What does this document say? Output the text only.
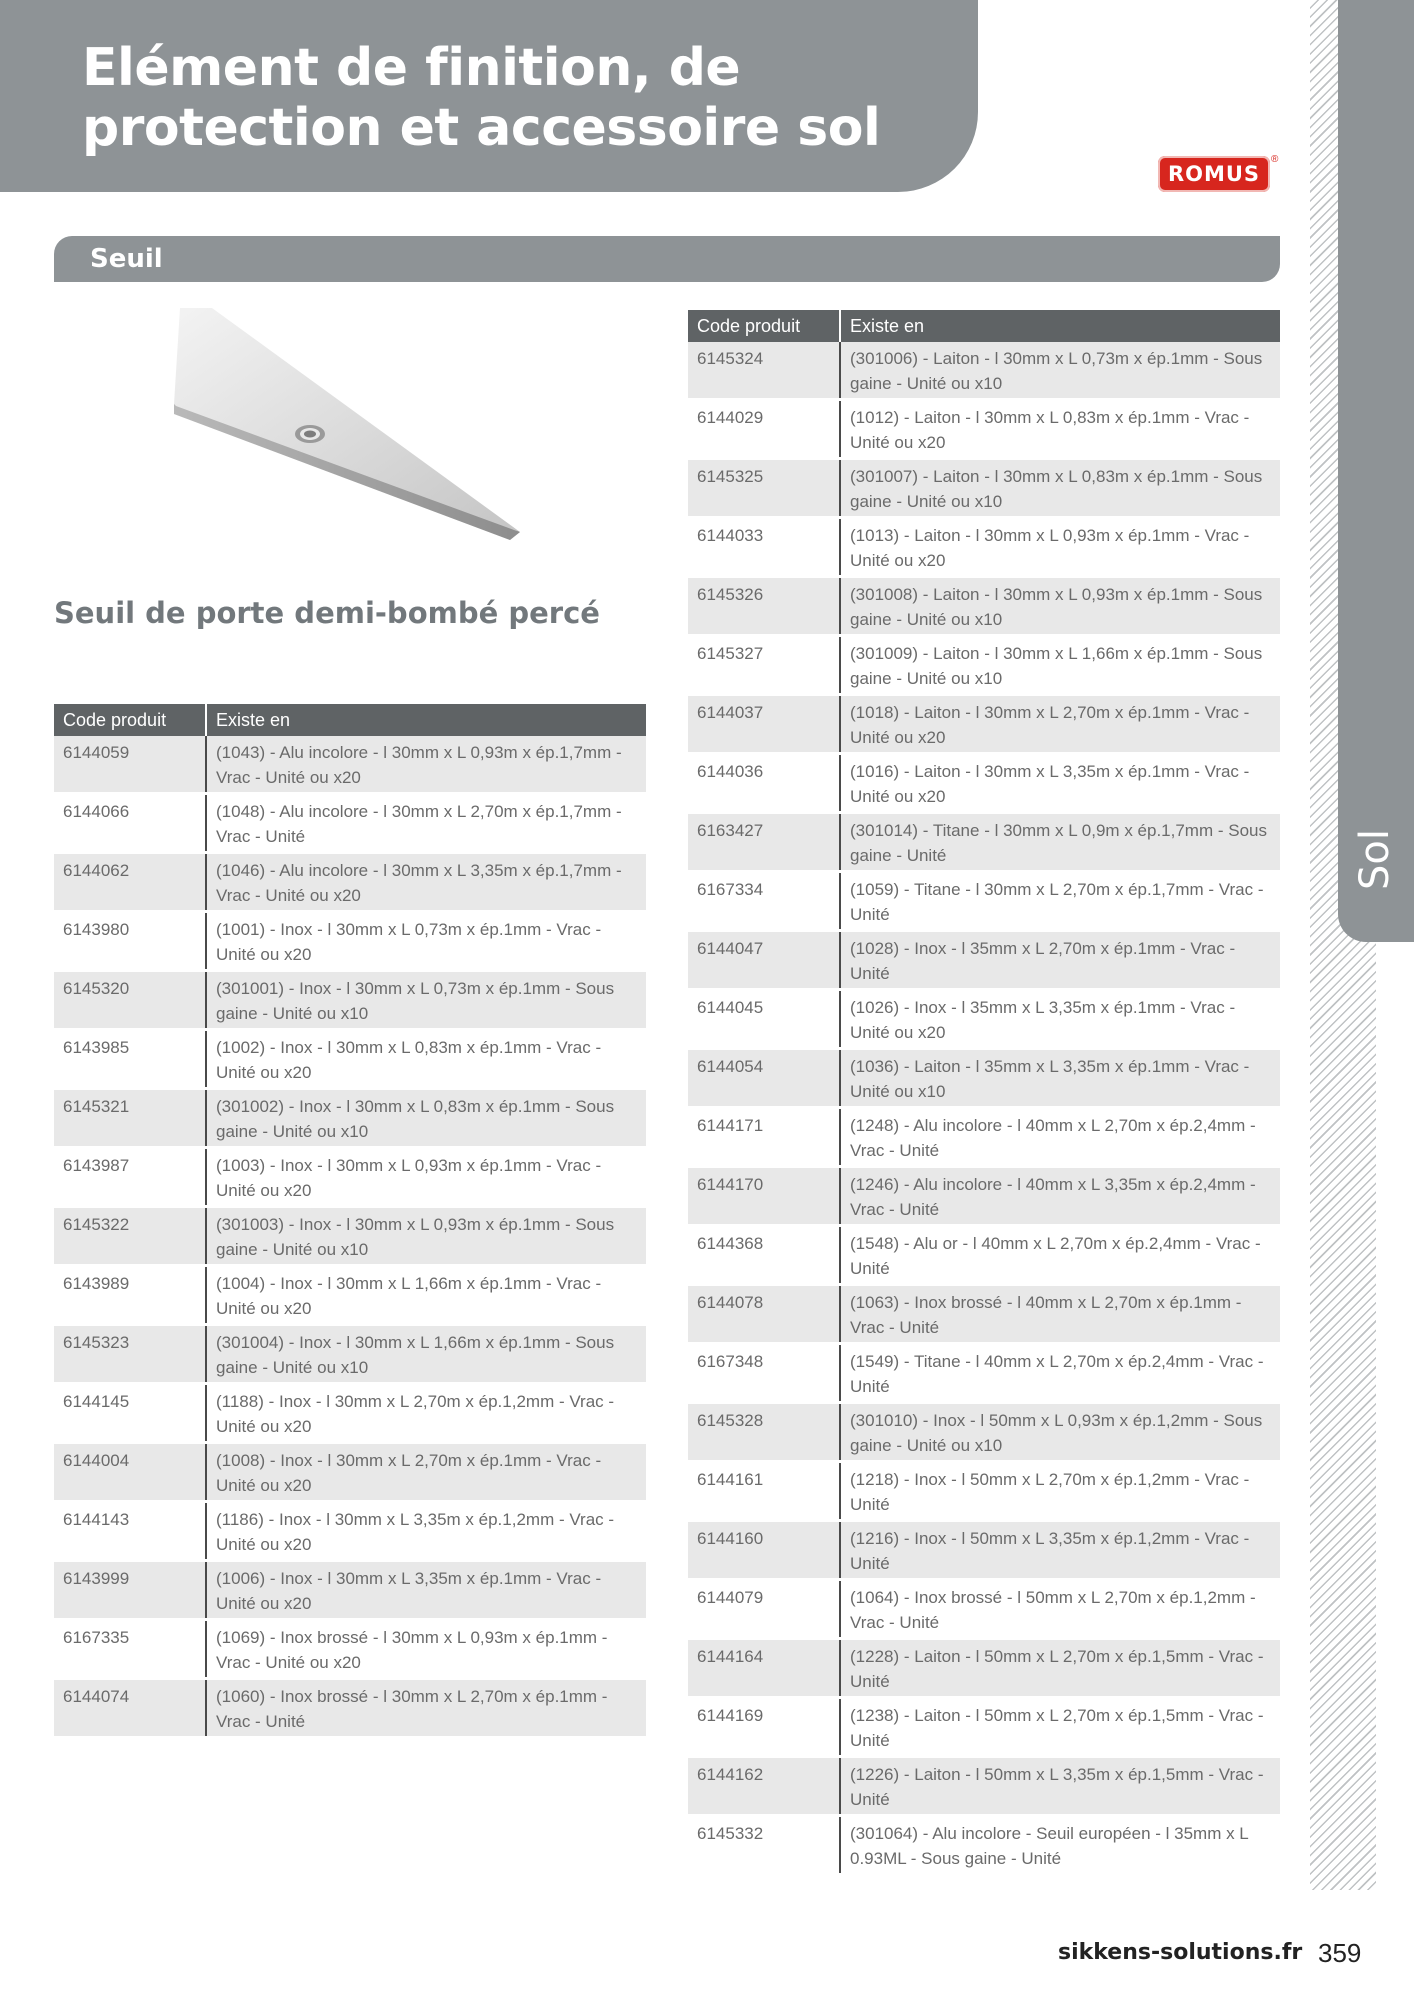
Elément de finition, de protection et accessoire sol
ROMUS
®
Sol
Seuil
Seuil de porte demi-bombé percé
Code produit	Existe en
6144059	(1043) - Alu incolore - l 30mm x L 0,93m x ép.1,7mm - Vrac - Unité ou x20
6144066	(1048) - Alu incolore - l 30mm x L 2,70m x ép.1,7mm - Vrac - Unité
6144062	(1046) - Alu incolore - l 30mm x L 3,35m x ép.1,7mm - Vrac - Unité ou x20
6143980	(1001) - Inox - l 30mm x L 0,73m x ép.1mm - Vrac - Unité ou x20
6145320	(301001) - Inox - l 30mm x L 0,73m x ép.1mm - Sous gaine - Unité ou x10
6143985	(1002) - Inox - l 30mm x L 0,83m x ép.1mm - Vrac - Unité ou x20
6145321	(301002) - Inox - l 30mm x L 0,83m x ép.1mm - Sous gaine - Unité ou x10
6143987	(1003) - Inox - l 30mm x L 0,93m x ép.1mm - Vrac - Unité ou x20
6145322	(301003) - Inox - l 30mm x L 0,93m x ép.1mm - Sous gaine - Unité ou x10
6143989	(1004) - Inox - l 30mm x L 1,66m x ép.1mm - Vrac - Unité ou x20
6145323	(301004) - Inox - l 30mm x L 1,66m x ép.1mm - Sous gaine - Unité ou x10
6144145	(1188) - Inox - l 30mm x L 2,70m x ép.1,2mm - Vrac - Unité ou x20
6144004	(1008) - Inox - l 30mm x L 2,70m x ép.1mm - Vrac - Unité ou x20
6144143	(1186) - Inox - l 30mm x L 3,35m x ép.1,2mm - Vrac - Unité ou x20
6143999	(1006) - Inox - l 30mm x L 3,35m x ép.1mm - Vrac - Unité ou x20
6167335	(1069) - Inox brossé - l 30mm x L 0,93m x ép.1mm - Vrac - Unité ou x20
6144074	(1060) - Inox brossé - l 30mm x L 2,70m x ép.1mm - Vrac - Unité
Code produit	Existe en
6145324	(301006) - Laiton - l 30mm x L 0,73m x ép.1mm - Sous gaine - Unité ou x10
6144029	(1012) - Laiton - l 30mm x L 0,83m x ép.1mm - Vrac - Unité ou x20
6145325	(301007) - Laiton - l 30mm x L 0,83m x ép.1mm - Sous gaine - Unité ou x10
6144033	(1013) - Laiton - l 30mm x L 0,93m x ép.1mm - Vrac - Unité ou x20
6145326	(301008) - Laiton - l 30mm x L 0,93m x ép.1mm - Sous gaine - Unité ou x10
6145327	(301009) - Laiton - l 30mm x L 1,66m x ép.1mm - Sous gaine - Unité ou x10
6144037	(1018) - Laiton - l 30mm x L 2,70m x ép.1mm - Vrac - Unité ou x20
6144036	(1016) - Laiton - l 30mm x L 3,35m x ép.1mm - Vrac - Unité ou x20
6163427	(301014) - Titane - l 30mm x L 0,9m x ép.1,7mm - Sous gaine - Unité
6167334	(1059) - Titane - l 30mm x L 2,70m x ép.1,7mm - Vrac - Unité
6144047	(1028) - Inox - l 35mm x L 2,70m x ép.1mm - Vrac - Unité
6144045	(1026) - Inox - l 35mm x L 3,35m x ép.1mm - Vrac - Unité ou x20
6144054	(1036) - Laiton - l 35mm x L 3,35m x ép.1mm - Vrac - Unité ou x10
6144171	(1248) - Alu incolore - l 40mm x L 2,70m x ép.2,4mm - Vrac - Unité
6144170	(1246) - Alu incolore - l 40mm x L 3,35m x ép.2,4mm - Vrac - Unité
6144368	(1548) - Alu or - l 40mm x L 2,70m x ép.2,4mm - Vrac - Unité
6144078	(1063) - Inox brossé - l 40mm x L 2,70m x ép.1mm - Vrac - Unité
6167348	(1549) - Titane - l 40mm x L 2,70m x ép.2,4mm - Vrac - Unité
6145328	(301010) - Inox - l 50mm x L 0,93m x ép.1,2mm - Sous gaine - Unité ou x10
6144161	(1218) - Inox - l 50mm x L 2,70m x ép.1,2mm - Vrac - Unité
6144160	(1216) - Inox - l 50mm x L 3,35m x ép.1,2mm - Vrac - Unité
6144079	(1064) - Inox brossé - l 50mm x L 2,70m x ép.1,2mm - Vrac - Unité
6144164	(1228) - Laiton - l 50mm x L 2,70m x ép.1,5mm - Vrac - Unité
6144169	(1238) - Laiton - l 50mm x L 2,70m x ép.1,5mm - Vrac - Unité
6144162	(1226) - Laiton - l 50mm x L 3,35m x ép.1,5mm - Vrac - Unité
6145332	(301064) - Alu incolore - Seuil européen - l 35mm x L 0.93ML - Sous gaine - Unité
sikkens-solutions.fr 359
